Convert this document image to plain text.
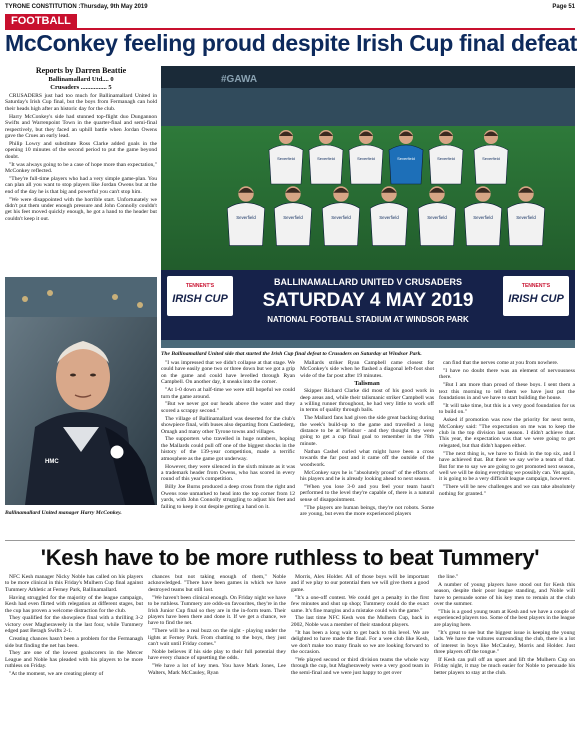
TYRONE CONSTITUTION :Thursday, 9th May 2019	Page 51
FOOTBALL
McConkey feeling proud despite Irish Cup final defeat
Reports by Darren Beattie
Ballinamallard Utd.... 0
Crusaders ................ 5

CRUSADERS just had too much for Ballinamallard United in Saturday's Irish Cup final, but the boys from Fermanagh can hold their heads high after an historic day for the club.

Harry McConkey's side had stunned top-flight duo Dungannon Swifts and Warrenpoint Town in the quarter-final and semi-final respectively, but they faced an uphill battle when Jordan Owens gave the Crues an early lead.

Philip Lowry and substitute Ross Clarke added goals in the opening 10 minutes of the second period to put the game beyond doubt.

"It was always going to be a case of hope more than expectation," McConkey reflected.

"They're full-time players who had a very simple game-plan. You can plan all you want to stop players like Jordan Owens but at the end of the day he is that big and powerful you can't stop him.

"We were disappointed with the horrible start. Unfortunately we didn't put them under enough pressure and John Connolly couldn't get his feet moved quickly enough, he got a hand to the header but couldn't keep it out.

HMC
Ballinamallard United manager Harry McConkey.
#GAWA
Severfield	Severfield	Severfield	Severfield	Severfield	Severfield
Severfield	Severfield	Severfield	Severfield	Severfield	Severfield	Severfield
TENNENT'S
IRISH CUP
TENNENT'S
IRISH CUP
BALLINAMALLARD UNITED V CRUSADERS
SATURDAY 4 MAY 2019
NATIONAL FOOTBALL STADIUM AT WINDSOR PARK
The Ballinamallard United side that started the Irish Cup final defeat to Crusaders on Saturday at Windsor Park.

"I was impressed that we didn't collapse at that stage. We could have easily gone two or three down but we got a grip on the game and could have levelled through Ryan Campbell. On another day, it sneaks into the corner.

"At 1-0 down at half-time we were still hopeful we could turn the game around.

"But we never got our heads above the water and they scored a scrappy second."

The village of Ballinamallard was deserted for the club's showpiece final, with buses also departing from Castlederg, Omagh and many other Tyrone towns and villages.

The supporters who travelled in huge numbers, hoping the Mallards could pull off one of the biggest shocks in the history of the 139-year competition, made a terrific atmosphere as the game got underway.

However, they were silenced in the sixth minute as it was a trademark header from Owens, who has scored in every round of this year's competition.

Billy Joe Burns produced a deep cross from the right and Owens rose unmarked to head into the top corner from 12 yards, with John Connolly struggling to adjust his feet and failing to keep it out despite getting a hand on it.

Mallards striker Ryan Campbell came closest for McConkey's side when he flashed a diagonal left-foot shot wide of the far post after 19 minutes.

Talisman

Skipper Richard Clarke did most of his good work in deep areas and, while their talismanic striker Campbell was a willing runner throughout, he had very little to work off in terms of quality through balls.

The Mallard fans had given the side great backing during the week's build-up to the game and travelled a long distance to be at Windsor - and they thought they were going to get a cup final goal to remember in the 78th minute.

Nathan Cashel curled what might have been a cross towards the far post and it came off the outside of the woodwork.

McConkey says he is "absolutely proud" of the efforts of his players and he is already looking ahead to next season.

"When you lose 3-0 and you feel your team hasn't performed to the level they're capable of, there is a natural sense of disappointment.

"The players are human beings, they're not robots. Some are young, but even the more experienced players

can find that the nerves come at you from nowhere.

"I have no doubt there was an element of nervousness there.

"But I am more than proud of these boys. I sent them a text this morning to tell them we have just put the foundations in and we have to start building the house.

"It will take time, but this is a very good foundation for us to build on."

Asked if promotion was now the priority for next term, McConkey said: "The expectation on me was to keep the club in the top division last season. I didn't achieve that. This year, the expectation was that we were going to get relegated, but that didn't happen either.

"The next thing is, we have to finish in the top six, and I have achieved that. But there we say we're a team of that. But for me to say we are going to get promoted next season, well we will be doing everything we possibly can. Yet again, it is going to be a very difficult league campaign, however.

"There will be new challenges and we can take absolutely nothing for granted."

'Kesh have to be more ruthless to beat Tummery'

NFC Kesh manager Nicky Noble has called on his players to be more clinical in this Friday's Mulhern Cup final against Tummery Athletic at Ferney Park, Ballinamallard.

Having struggled for the majority of the league campaign, Kesh had even flirted with relegation at different stages, but the cup has proven a welcome distraction for the club.

They qualified for the showpiece final with a thrilling 3-2 victory over Magheraveely in the last four, while Tummery edged past Beragh Swifts 2-1.

Creating chances hasn't been a problem for the Fermanagh side but finding the net has been.

They are one of the lowest goalscorers in the Mercer League and Noble has pleaded with his players to be more ruthless on Friday.

"At the moment, we are creating plenty of

chances but not taking enough of them," Noble acknowledged. "There have been games in which we have destroyed teams but still lost.

"We haven't been clinical enough. On Friday night we have to be ruthless. Tummery are odds-on favourites, they're in the Irish Junior Cup final so they are in the in-form team. Their players have been there and done it. If we get a chance, we have to find the net.

"There will be a real buzz on the night - playing under the lights at Ferney Park. From chatting to the boys, they just can't wait until Friday comes."

Noble believes if his side play to their full potential they have every chance of upsetting the odds.

"We have a lot of key men. You have Mark Jones, Lee Walters, Mark McCauley, Ryan

Morris, Alex Holder. All of those boys will be important and if we play to our potential then we will give them a good game.

"It's a one-off contest. We could get a penalty in the first few minutes and shut up shop; Tummery could do the exact same. It's fine margins and a mistake could win the game."

The last time NFC Kesh won the Mulhern Cup, back in 2002, Noble was a member of their standout players.

"It has been a long wait to get back to this level. We are delighted to have made the final. For a wee club like Kesh, we don't make too many finals so we are looking forward to the occasion.

"We played second or third division teams the whole way through the cup, but Magheraveely were a very good team in the semi-final and we were just happy to get over

the line."

A number of young players have stood out for Kesh this season, despite their poor league standing, and Noble will have to persuade some of his key men to remain at the club over the summer.

"This is a good young team at Kesh and we have a couple of experienced players too. Some of the best players in the league are playing here.

"It's great to see but the biggest issue is keeping the young lads. We have the vultures surrounding the club, there is a lot of interest in boys like McCauley, Morris and Holder. Just three players off the tongue."

If Kesh can pull off an upset and lift the Mulhern Cup on Friday night, it may be much easier for Noble to persuade his better players to stay at the club.
